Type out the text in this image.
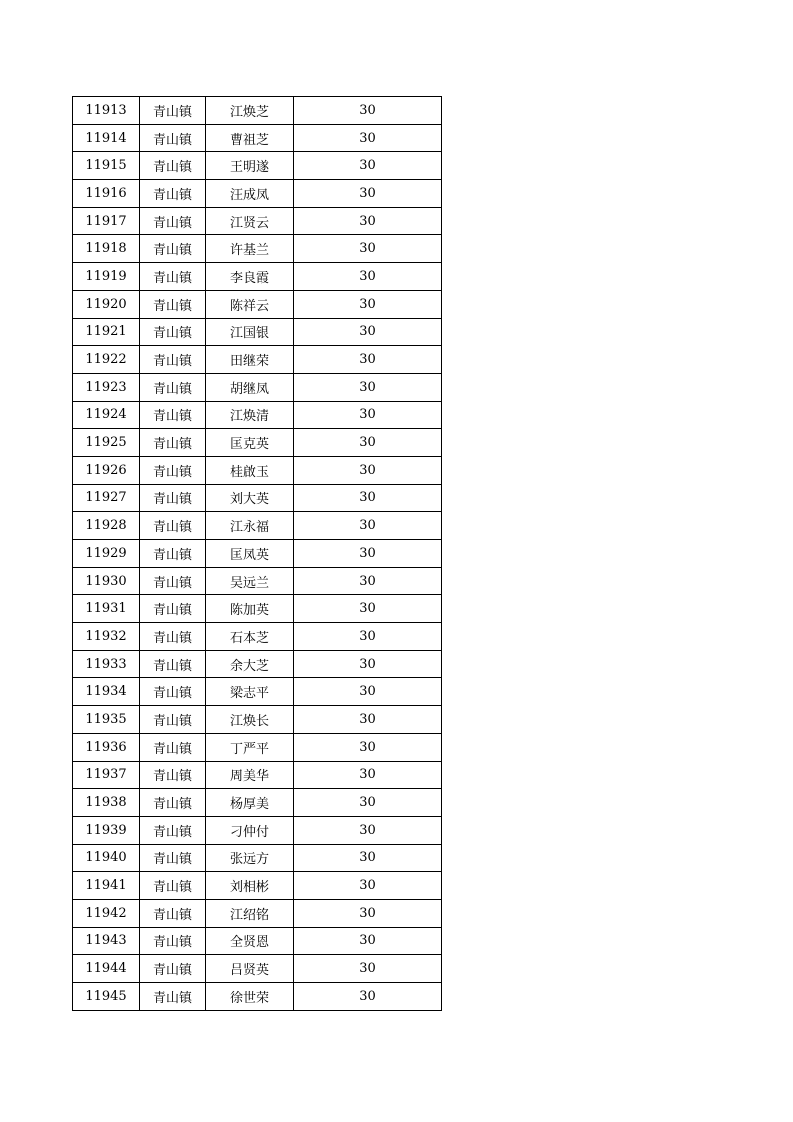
11913	青山镇	江焕芝	30
11914	青山镇	曹祖芝	30
11915	青山镇	王明遂	30
11916	青山镇	汪成凤	30
11917	青山镇	江贤云	30
11918	青山镇	许基兰	30
11919	青山镇	李良霞	30
11920	青山镇	陈祥云	30
11921	青山镇	江国银	30
11922	青山镇	田继荣	30
11923	青山镇	胡继凤	30
11924	青山镇	江焕清	30
11925	青山镇	匡克英	30
11926	青山镇	桂啟玉	30
11927	青山镇	刘大英	30
11928	青山镇	江永福	30
11929	青山镇	匡凤英	30
11930	青山镇	吴远兰	30
11931	青山镇	陈加英	30
11932	青山镇	石本芝	30
11933	青山镇	余大芝	30
11934	青山镇	梁志平	30
11935	青山镇	江焕长	30
11936	青山镇	丁严平	30
11937	青山镇	周美华	30
11938	青山镇	杨厚美	30
11939	青山镇	刁仲付	30
11940	青山镇	张远方	30
11941	青山镇	刘相彬	30
11942	青山镇	江绍铭	30
11943	青山镇	全贤恩	30
11944	青山镇	吕贤英	30
11945	青山镇	徐世荣	30
